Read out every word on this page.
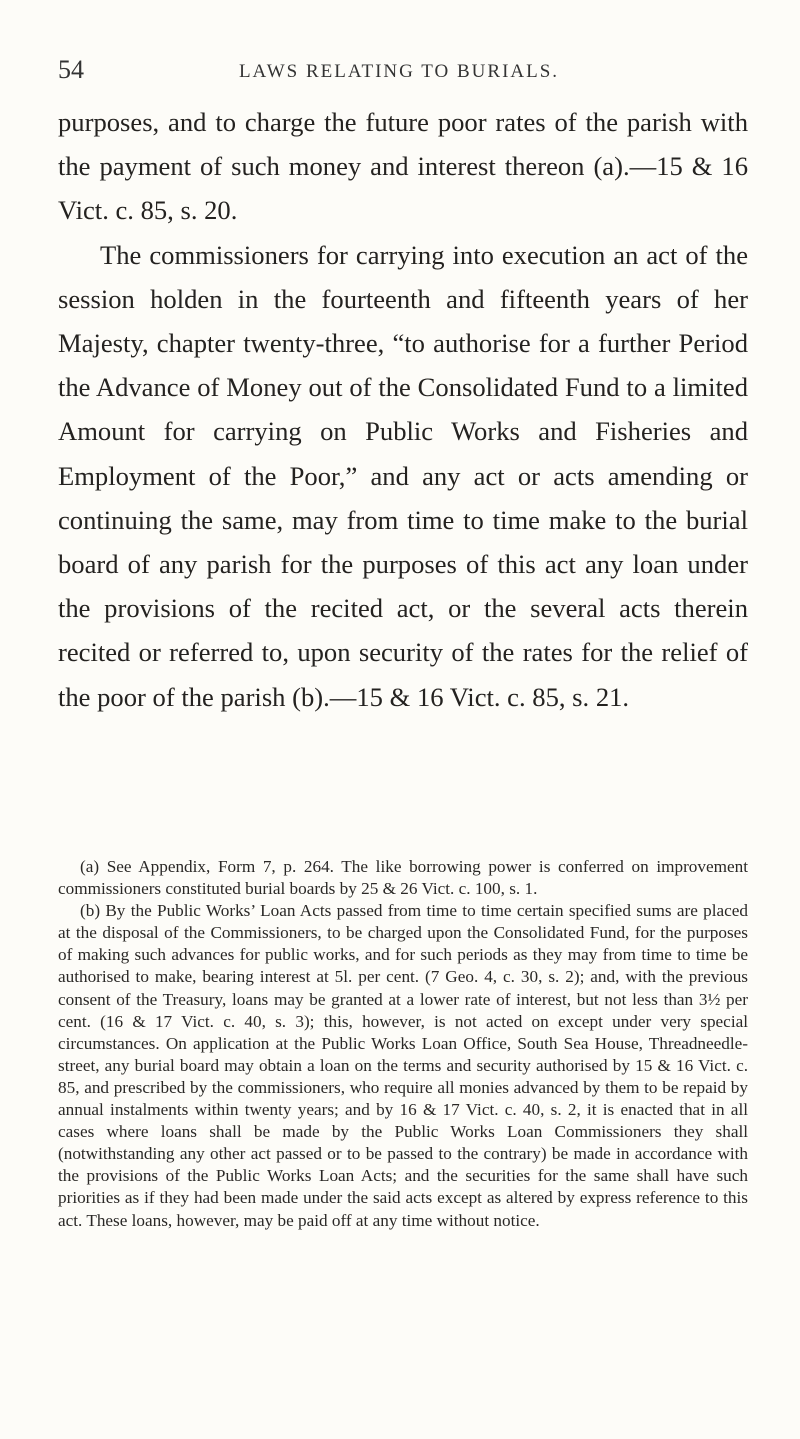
54	LAWS RELATING TO BURIALS.

purposes, and to charge the future poor rates of the parish with the payment of such money and interest thereon (a).—15 & 16 Vict. c. 85, s. 20.

The commissioners for carrying into execution an act of the session holden in the fourteenth and fifteenth years of her Majesty, chapter twenty-three, “to authorise for a further Period the Advance of Money out of the Consolidated Fund to a limited Amount for carrying on Public Works and Fisheries and Employment of the Poor,” and any act or acts amending or continuing the same, may from time to time make to the burial board of any parish for the purposes of this act any loan under the provisions of the recited act, or the several acts therein recited or referred to, upon security of the rates for the relief of the poor of the parish (b).—15 & 16 Vict. c. 85, s. 21.

(a) See Appendix, Form 7, p. 264. The like borrowing power is conferred on improvement commissioners constituted burial boards by 25 & 26 Vict. c. 100, s. 1.

(b) By the Public Works’ Loan Acts passed from time to time certain specified sums are placed at the disposal of the Commissioners, to be charged upon the Consolidated Fund, for the purposes of making such advances for public works, and for such periods as they may from time to time be authorised to make, bearing interest at 5l. per cent. (7 Geo. 4, c. 30, s. 2); and, with the previous consent of the Treasury, loans may be granted at a lower rate of interest, but not less than 3½ per cent. (16 & 17 Vict. c. 40, s. 3); this, however, is not acted on except under very special circumstances. On application at the Public Works Loan Office, South Sea House, Threadneedle-street, any burial board may obtain a loan on the terms and security authorised by 15 & 16 Vict. c. 85, and prescribed by the commissioners, who require all monies advanced by them to be repaid by annual instalments within twenty years; and by 16 & 17 Vict. c. 40, s. 2, it is enacted that in all cases where loans shall be made by the Public Works Loan Commissioners they shall (notwithstanding any other act passed or to be passed to the contrary) be made in accordance with the provisions of the Public Works Loan Acts; and the securities for the same shall have such priorities as if they had been made under the said acts except as altered by express reference to this act. These loans, however, may be paid off at any time without notice.
